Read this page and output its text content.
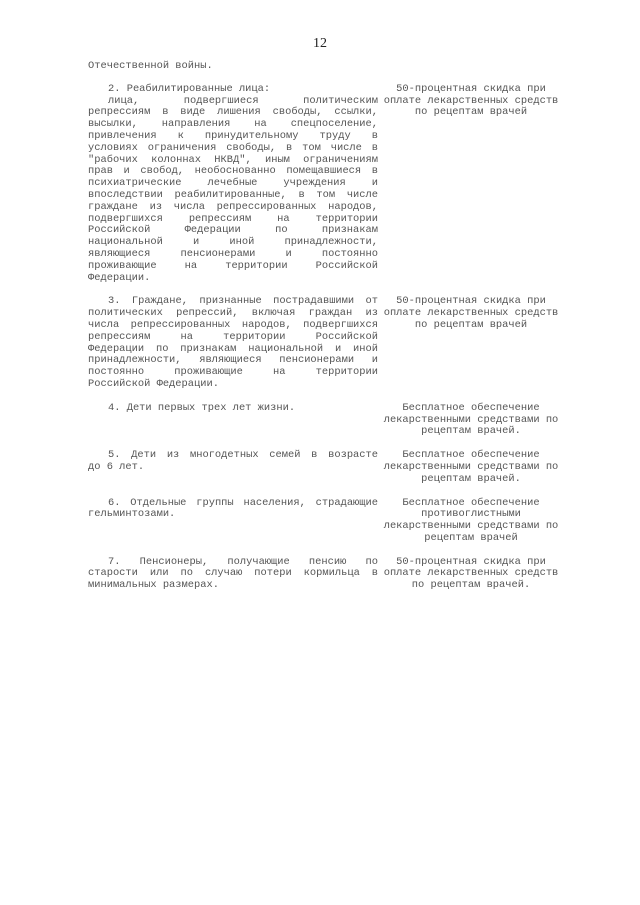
12
Отечественной войны.
2. Реабилитированные лица:
лица, подвергшиеся политическим
репрессиям в виде лишения свободы, ссылки,
высылки, направления на спецпоселение,
привлечения к принудительному труду в
условиях ограничения свободы, в том числе в
"рабочих колоннах НКВД", иным ограничениям
прав и свобод, необоснованно помещавшиеся в
психиатрические лечебные учреждения и
впоследствии реабилитированные, в том числе
граждане из числа репрессированных народов,
подвергшихся репрессиям на территории
Российской Федерации по признакам
национальной и иной принадлежности,
являющиеся пенсионерами и постоянно
проживающие на территории Российской
Федерации.
50-процентная скидка при
оплате лекарственных средств
по рецептам врачей
3. Граждане, признанные пострадавшими от
политических репрессий, включая граждан из
числа репрессированных народов, подвергшихся
репрессиям на территории Российской
Федерации по признакам национальной и иной
принадлежности, являющиеся пенсионерами и
постоянно проживающие на территории
Российской Федерации.
50-процентная скидка при
оплате лекарственных средств
по рецептам врачей
4. Дети первых трех лет жизни.	Бесплатное обеспечение
лекарственными средствами по
рецептам врачей.
5. Дети из многодетных семей в возрасте
до 6 лет.
Бесплатное обеспечение
лекарственными средствами по
рецептам врачей.
6. Отдельные группы населения, страдающие
гельминтозами.
Бесплатное обеспечение
противоглистными
лекарственными средствами по
рецептам врачей
7. Пенсионеры, получающие пенсию по
старости или по случаю потери кормильца в
минимальных размерах.
50-процентная скидка при
оплате лекарственных средств
по рецептам врачей.
